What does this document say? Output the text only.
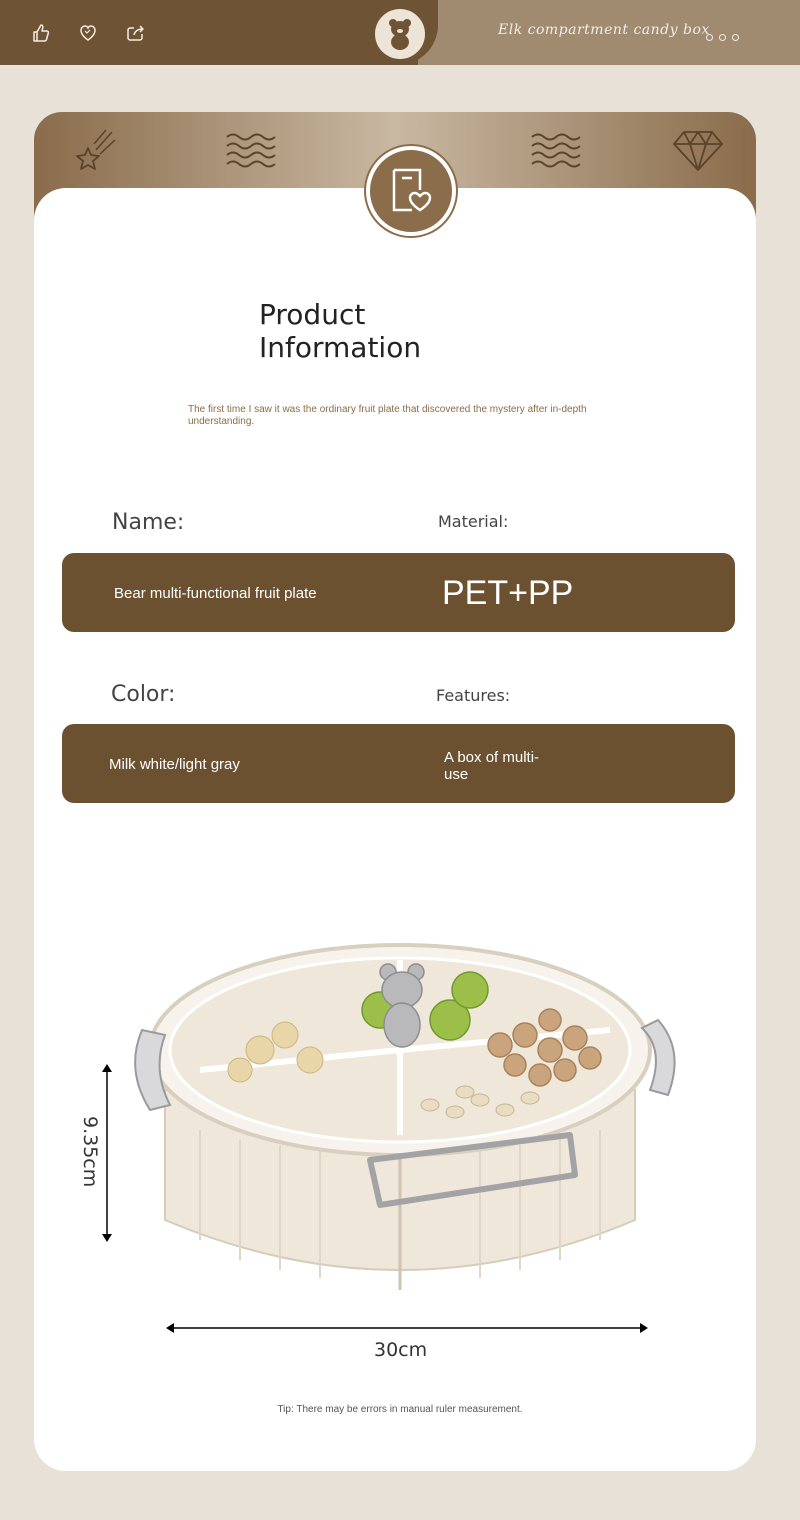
Elk compartment candy box
Product
Information
The first time I saw it was the ordinary fruit plate that discovered the mystery after in-depth understanding.
Name:	Material:
Bear multi-functional fruit plate	PET+PP
Color:	Features:
Milk white/light gray	A box of multi-
use
9.35cm
30cm
Tip: There may be errors in manual ruler measurement.
